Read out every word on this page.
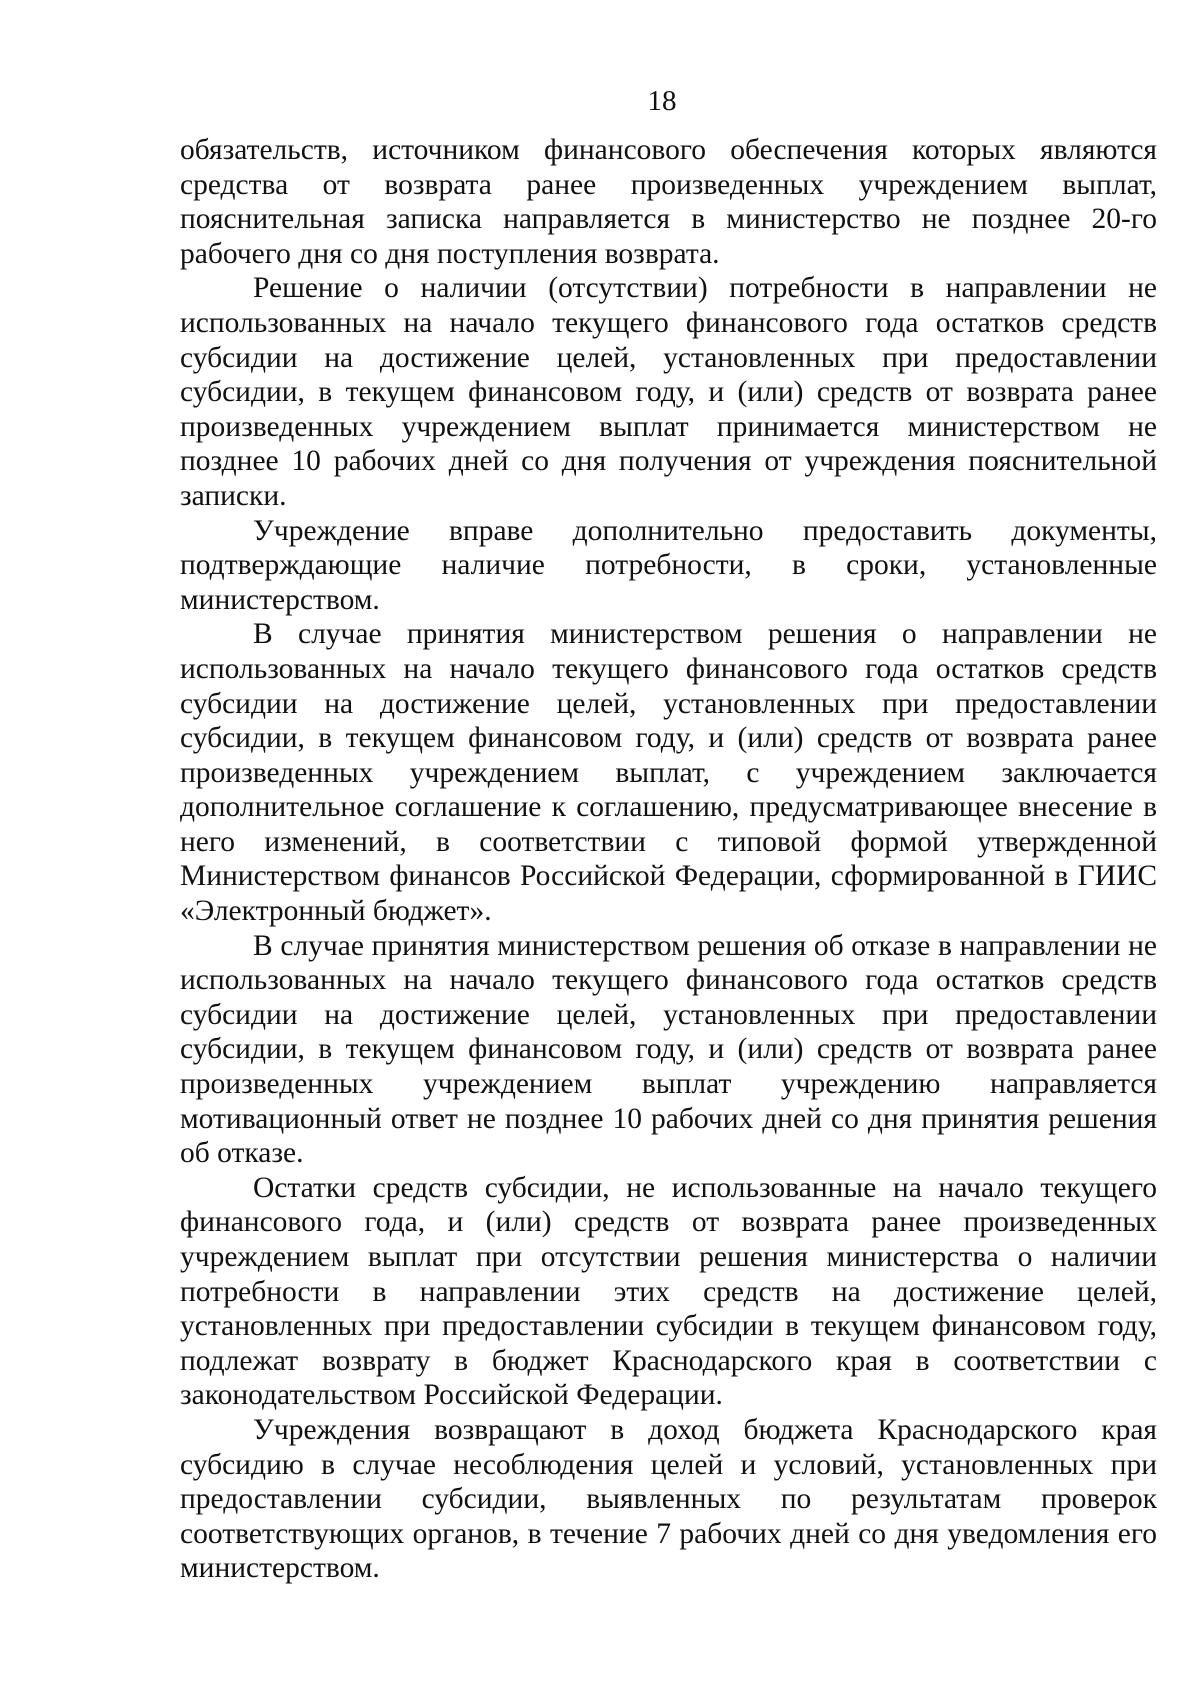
18

обязательств, источником финансового обеспечения которых являются средства от возврата ранее произведенных учреждением выплат, пояснительная записка направляется в министерство не позднее 20-го рабочего дня со дня поступления возврата.

Решение о наличии (отсутствии) потребности в направлении не использованных на начало текущего финансового года остатков средств субсидии на достижение целей, установленных при предоставлении субсидии, в текущем финансовом году, и (или) средств от возврата ранее произведенных учреждением выплат принимается министерством не позднее 10 рабочих дней со дня получения от учреждения пояснительной записки.

Учреждение вправе дополнительно предоставить документы, подтверждающие наличие потребности, в сроки, установленные министерством.

В случае принятия министерством решения о направлении не использованных на начало текущего финансового года остатков средств субсидии на достижение целей, установленных при предоставлении субсидии, в текущем финансовом году, и (или) средств от возврата ранее произведенных учреждением выплат, с учреждением заключается дополнительное соглашение к соглашению, предусматривающее внесение в него изменений, в соответствии с типовой формой утвержденной Министерством финансов Российской Федерации, сформированной в ГИИС «Электронный бюджет».

В случае принятия министерством решения об отказе в направлении не использованных на начало текущего финансового года остатков средств субсидии на достижение целей, установленных при предоставлении субсидии, в текущем финансовом году, и (или) средств от возврата ранее произведенных учреждением выплат учреждению направляется мотивационный ответ не позднее 10 рабочих дней со дня принятия решения об отказе.

Остатки средств субсидии, не использованные на начало текущего финансового года, и (или) средств от возврата ранее произведенных учреждением выплат при отсутствии решения министерства о наличии потребности в направлении этих средств на достижение целей, установленных при предоставлении субсидии в текущем финансовом году, подлежат возврату в бюджет Краснодарского края в соответствии с законодательством Российской Федерации.

Учреждения возвращают в доход бюджета Краснодарского края субсидию в случае несоблюдения целей и условий, установленных при предоставлении субсидии, выявленных по результатам проверок соответствующих органов, в течение 7 рабочих дней со дня уведомления его министерством.
